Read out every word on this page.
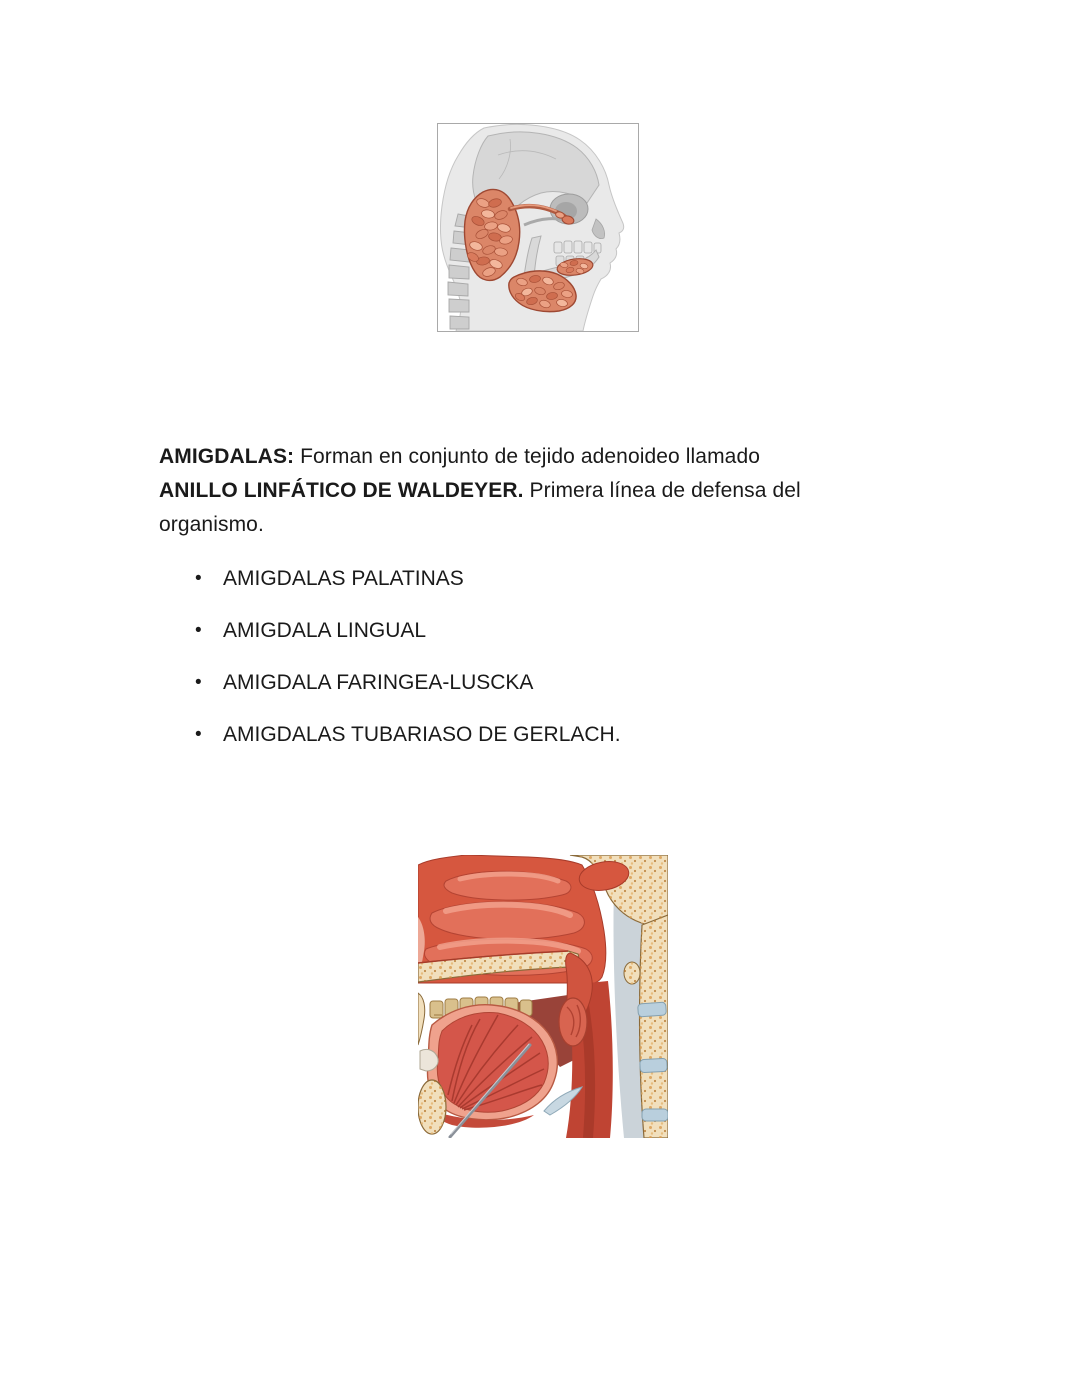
AMIGDALAS: Forman en conjunto de tejido adenoideo llamado
ANILLO LINFÁTICO DE WALDEYER. Primera línea de defensa del
organismo.

• AMIGDALAS PALATINAS
• AMIGDALA LINGUAL
• AMIGDALA FARINGEA-LUSCKA
• AMIGDALAS TUBARIASO DE GERLACH.
